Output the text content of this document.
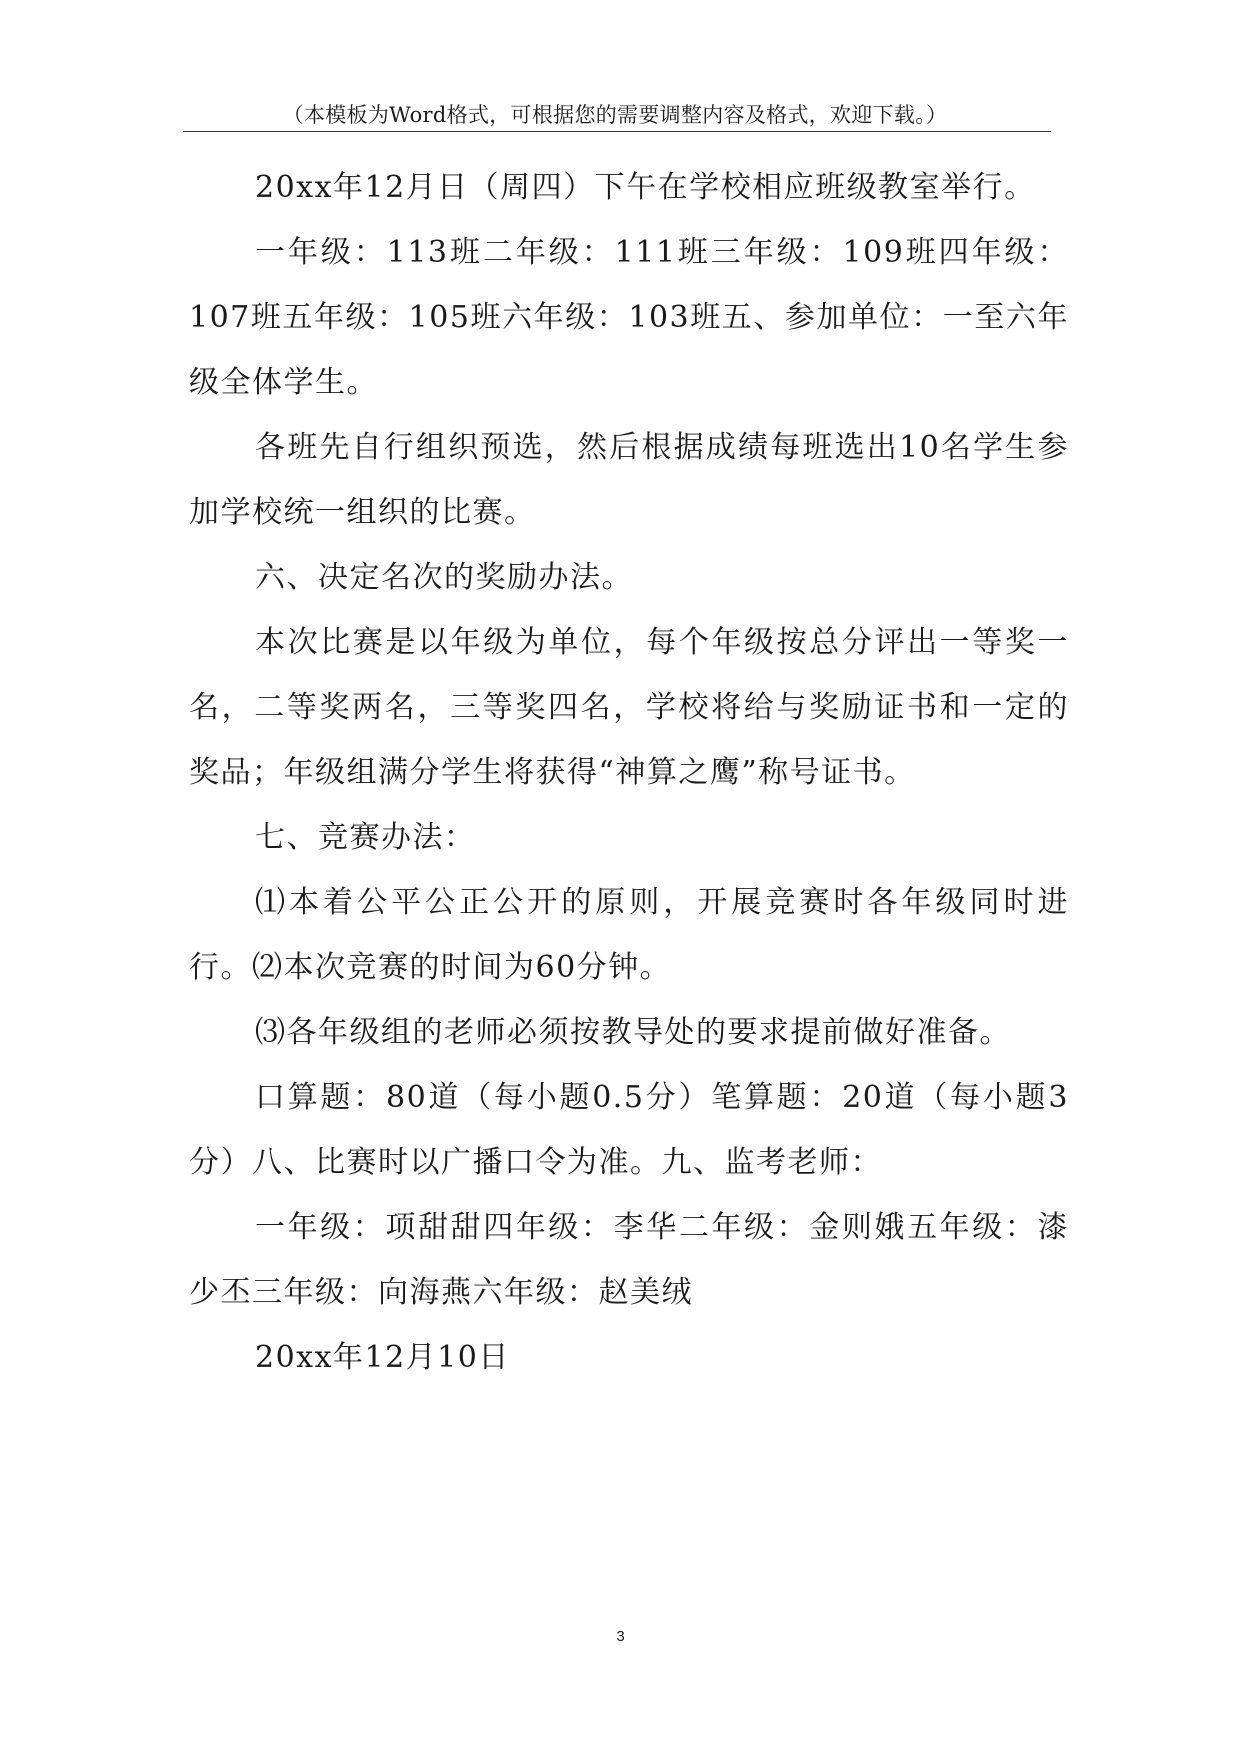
（本模板为Word格式，可根据您的需要调整内容及格式，欢迎下载。）

20xx年12月日（周四）下午在学校相应班级教室举行。

一年级：113班二年级：111班三年级：109班四年级：107班五年级：105班六年级：103班五、参加单位：一至六年级全体学生。

各班先自行组织预选，然后根据成绩每班选出10名学生参加学校统一组织的比赛。

六、决定名次的奖励办法。

本次比赛是以年级为单位，每个年级按总分评出一等奖一名，二等奖两名，三等奖四名，学校将给与奖励证书和一定的奖品；年级组满分学生将获得“神算之鹰”称号证书。

七、竞赛办法：

⑴本着公平公正公开的原则，开展竞赛时各年级同时进行。⑵本次竞赛的时间为60分钟。

⑶各年级组的老师必须按教导处的要求提前做好准备。

口算题：80道（每小题0.5分）笔算题：20道（每小题3分）八、比赛时以广播口令为准。九、监考老师：

一年级：项甜甜四年级：李华二年级：金则娥五年级：漆少丕三年级：向海燕六年级：赵美绒

20xx年12月10日

3
